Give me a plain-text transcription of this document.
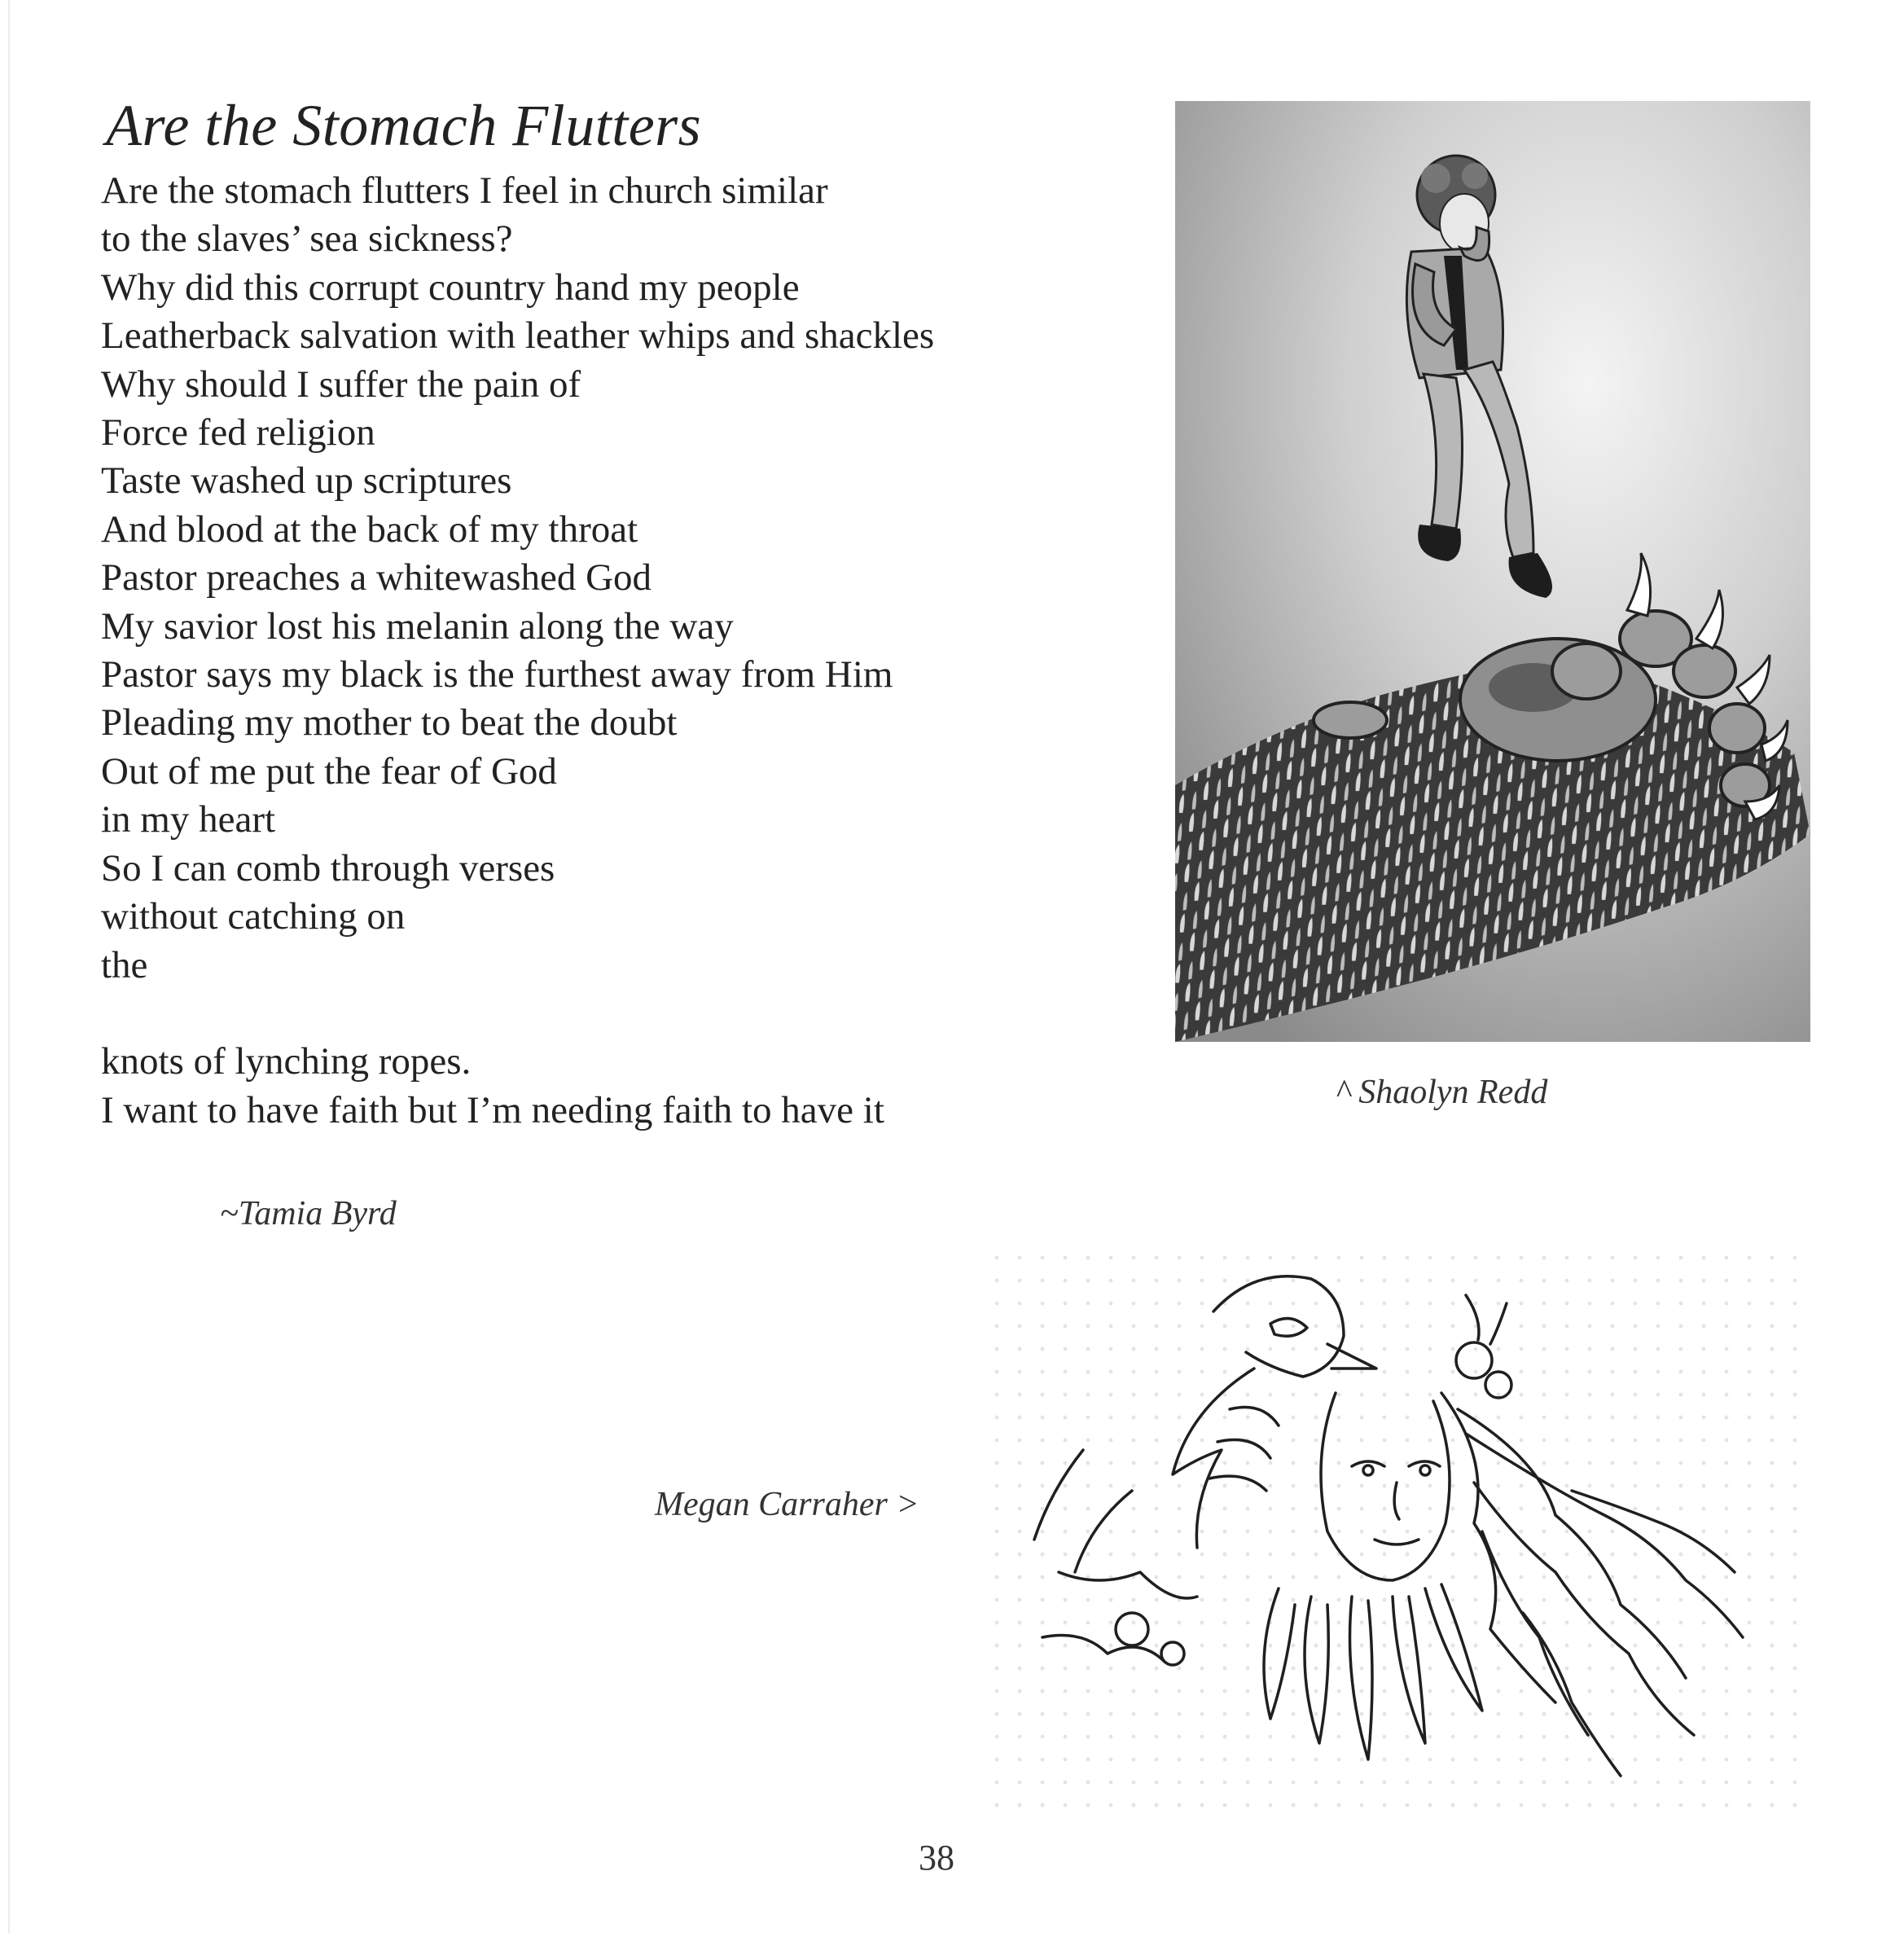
Are the Stomach Flutters
Are the stomach flutters I feel in church similar
to the slaves’ sea sickness?
Why did this corrupt country hand my people
Leatherback salvation with leather whips and shackles
Why should I suffer the pain of
Force fed religion
Taste washed up scriptures
And blood at the back of my throat
Pastor preaches a whitewashed God
My savior lost his melanin along the way
Pastor says my black is the furthest away from Him
Pleading my mother to beat the doubt
Out of me put the fear of God
in my heart
So I can comb through verses
without catching on
the
knots of lynching ropes.
I want to have faith but I’m needing faith to have it
~Tamia Byrd
^ Shaolyn Redd
Megan Carraher >
38
